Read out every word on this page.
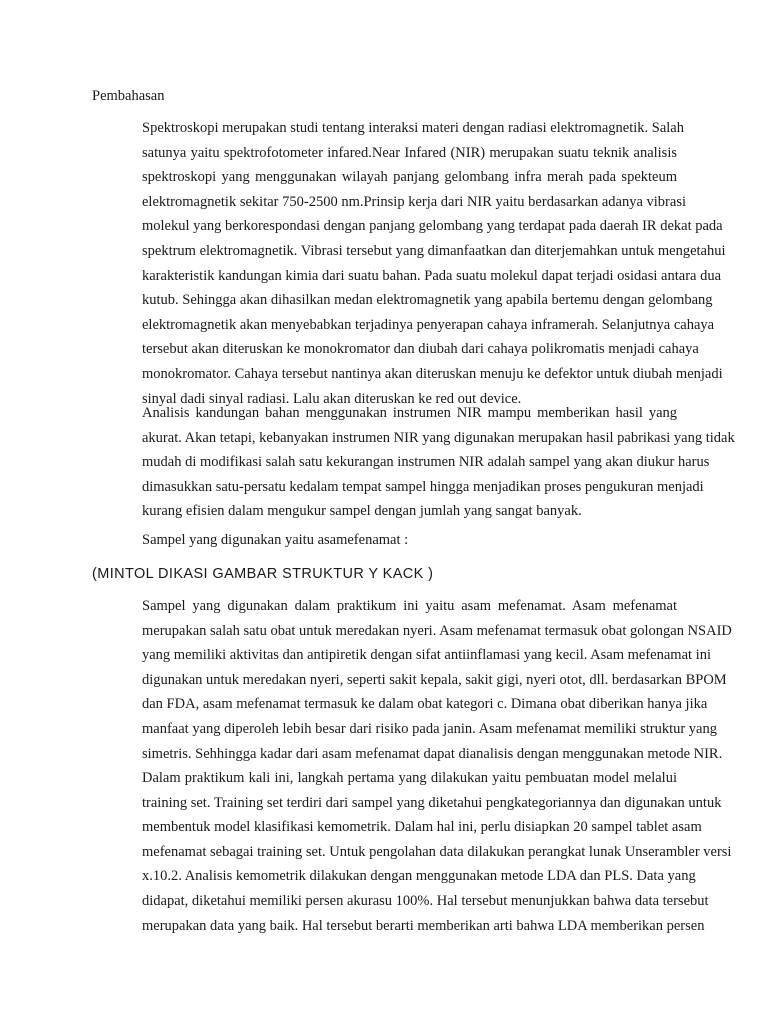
Pembahasan
Spektroskopi merupakan studi tentang interaksi materi dengan radiasi elektromagnetik. Salah
satunya yaitu spektrofotometer infared.Near Infared (NIR) merupakan suatu teknik analisis
spektroskopi yang menggunakan wilayah panjang gelombang infra merah pada spekteum
elektromagnetik sekitar 750-2500 nm.Prinsip kerja dari NIR yaitu berdasarkan adanya vibrasi
molekul yang berkorespondasi dengan panjang gelombang yang terdapat pada daerah IR dekat pada
spektrum elektromagnetik. Vibrasi tersebut yang dimanfaatkan dan diterjemahkan untuk mengetahui
karakteristik kandungan kimia dari suatu bahan. Pada suatu molekul dapat terjadi osidasi antara dua
kutub. Sehingga akan dihasilkan medan elektromagnetik yang apabila bertemu dengan gelombang
elektromagnetik akan menyebabkan terjadinya penyerapan cahaya inframerah. Selanjutnya cahaya
tersebut akan diteruskan ke monokromator dan diubah dari cahaya polikromatis menjadi cahaya
monokromator. Cahaya tersebut nantinya akan diteruskan menuju ke defektor untuk diubah menjadi
sinyal dadi sinyal radiasi. Lalu akan diteruskan ke red out device.
Analisis kandungan bahan menggunakan instrumen NIR mampu memberikan hasil yang
akurat. Akan tetapi, kebanyakan instrumen NIR yang digunakan merupakan hasil pabrikasi yang tidak
mudah di modifikasi salah satu kekurangan instrumen NIR adalah sampel yang akan diukur harus
dimasukkan satu-persatu kedalam tempat sampel hingga menjadikan proses pengukuran menjadi
kurang efisien dalam mengukur sampel dengan jumlah yang sangat banyak.
Sampel yang digunakan yaitu asamefenamat :
(MINTOL DIKASI GAMBAR STRUKTUR Y KACK )
Sampel yang digunakan dalam praktikum ini yaitu asam mefenamat. Asam mefenamat
merupakan salah satu obat untuk meredakan nyeri. Asam mefenamat termasuk obat golongan NSAID
yang memiliki aktivitas dan antipiretik dengan sifat antiinflamasi yang kecil. Asam mefenamat ini
digunakan untuk meredakan nyeri, seperti sakit kepala, sakit gigi, nyeri otot, dll. berdasarkan BPOM
dan FDA, asam mefenamat termasuk ke dalam obat kategori c. Dimana obat diberikan hanya jika
manfaat yang diperoleh lebih besar dari risiko pada janin. Asam mefenamat memiliki struktur yang
simetris. Sehhingga kadar dari asam mefenamat dapat dianalisis dengan menggunakan metode NIR.
Dalam praktikum kali ini, langkah pertama yang dilakukan yaitu pembuatan model melalui
training set. Training set terdiri dari sampel yang diketahui pengkategoriannya dan digunakan untuk
membentuk model klasifikasi kemometrik. Dalam hal ini, perlu disiapkan 20 sampel tablet asam
mefenamat sebagai training set. Untuk pengolahan data dilakukan perangkat lunak Unserambler versi
x.10.2. Analisis kemometrik dilakukan dengan menggunakan metode LDA dan PLS. Data yang
didapat, diketahui memiliki persen akurasu 100%. Hal tersebut menunjukkan bahwa data tersebut
merupakan data yang baik. Hal tersebut berarti memberikan arti bahwa LDA memberikan persen
